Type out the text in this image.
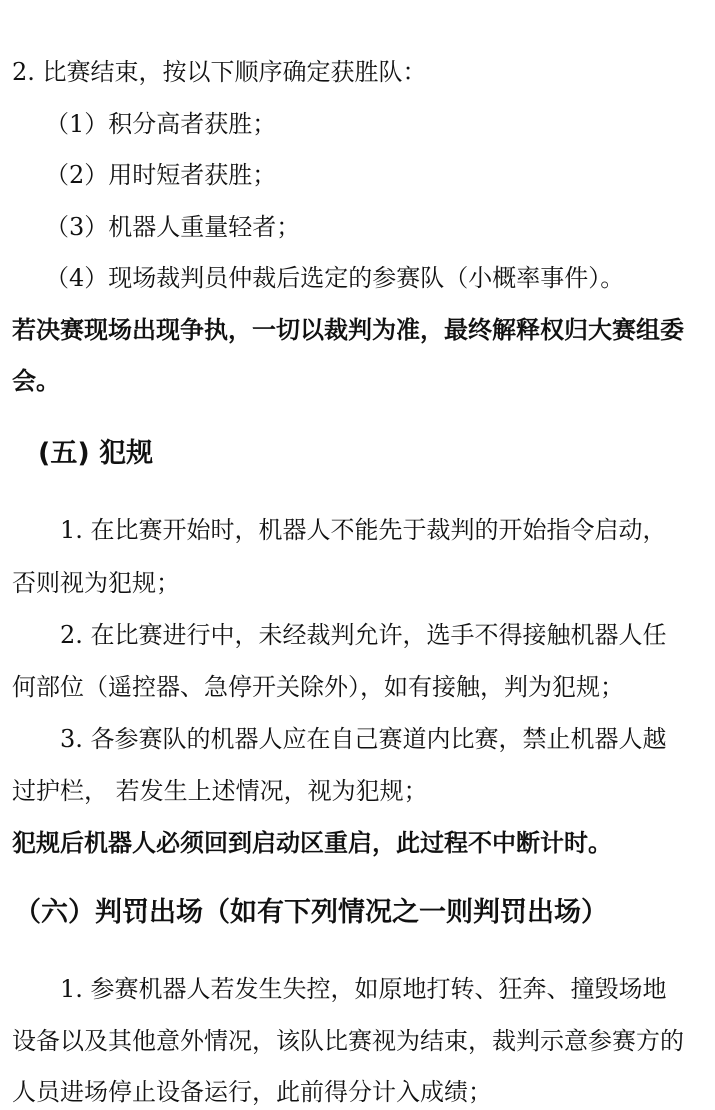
2. 比赛结束，按以下顺序确定获胜队：
（1）积分高者获胜；
（2）用时短者获胜；
（3）机器人重量轻者；
（4）现场裁判员仲裁后选定的参赛队（小概率事件）。
若决赛现场出现争执，一切以裁判为准，最终解释权归大赛组委
会。
(五) 犯规
1. 在比赛开始时，机器人不能先于裁判的开始指令启动，
否则视为犯规；
2. 在比赛进行中，未经裁判允许，选手不得接触机器人任
何部位（遥控器、急停开关除外），如有接触，判为犯规；
3. 各参赛队的机器人应在自己赛道内比赛，禁止机器人越
过护栏， 若发生上述情况，视为犯规；
犯规后机器人必须回到启动区重启，此过程不中断计时。
（六）判罚出场（如有下列情况之一则判罚出场）
1. 参赛机器人若发生失控，如原地打转、狂奔、撞毁场地
设备以及其他意外情况，该队比赛视为结束，裁判示意参赛方的
人员进场停止设备运行，此前得分计入成绩；
